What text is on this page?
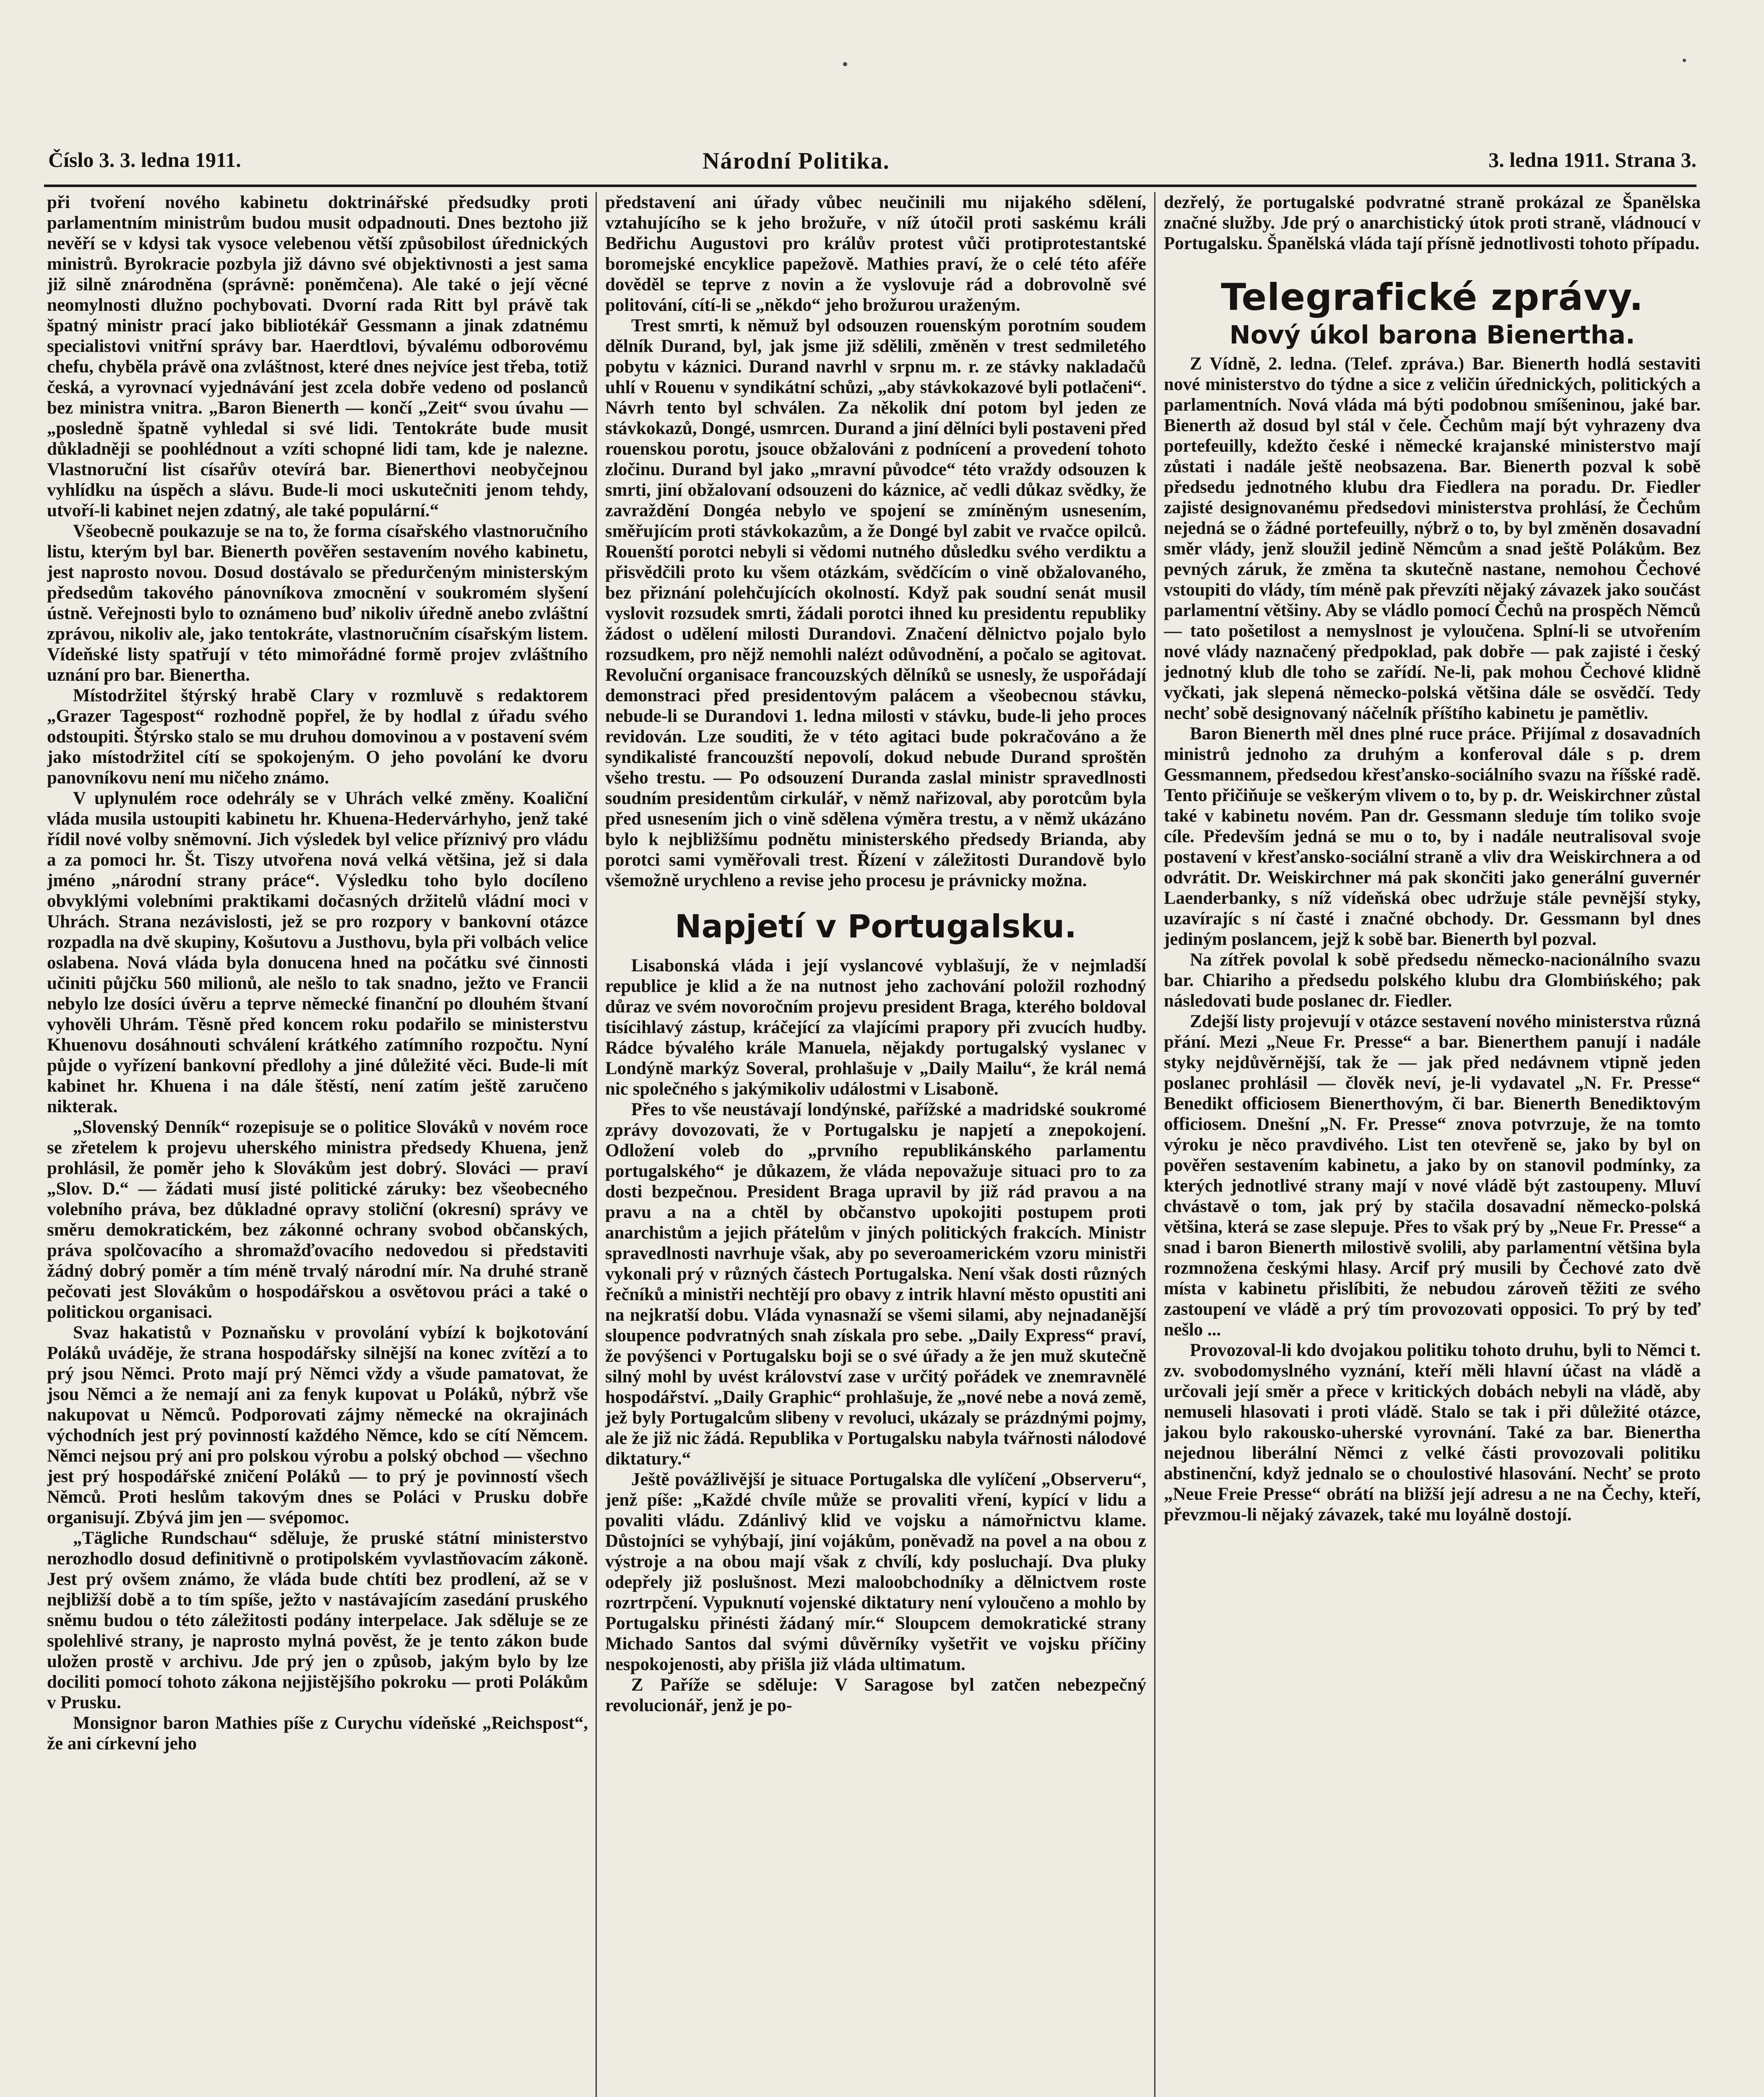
Číslo 3. 3. ledna 1911.	Národní Politika.	3. ledna 1911. Strana 3.

při tvoření nového kabinetu doktrinářské předsudky proti parlamentním ministrům budou musit odpadnouti. Dnes beztoho již nevěří se v kdysi tak vysoce velebenou větší způsobilost úřednických ministrů. Byrokracie pozbyla již dávno své objektivnosti a jest sama již silně znárodněna (správně: poněmčena). Ale také o její věcné neomylnosti dlužno pochybovati. Dvorní rada Ritt byl právě tak špatný ministr prací jako bibliotékář Gessmann a jinak zdatnému specialistovi vnitřní správy bar. Haerdtlovi, bývalému odborovému chefu, chyběla právě ona zvláštnost, které dnes nejvíce jest třeba, totiž česká, a vyrovnací vyjednávání jest zcela dobře vedeno od poslanců bez ministra vnitra. „Baron Bienerth — končí „Zeit“ svou úvahu — „posledně špatně vyhledal si své lidi. Tentokráte bude musit důkladněji se poohlédnout a vzíti schopné lidi tam, kde je nalezne. Vlastnoruční list císařův otevírá bar. Bienerthovi neobyčejnou vyhlídku na úspěch a slávu. Bude-li moci uskutečniti jenom tehdy, utvoří-li kabinet nejen zdatný, ale také populární.“

Všeobecně poukazuje se na to, že forma císařského vlastnoručního listu, kterým byl bar. Bienerth pověřen sestavením nového kabinetu, jest naprosto novou. Dosud dostávalo se předurčeným ministerským předsedům takového pánovníkova zmocnění v soukromém slyšení ústně. Veřejnosti bylo to oznámeno buď nikoliv úředně anebo zvláštní zprávou, nikoliv ale, jako tentokráte, vlastnoručním císařským listem. Vídeňské listy spatřují v této mimořádné formě projev zvláštního uznání pro bar. Bienertha.

Místodržitel štýrský hrabě Clary v rozmluvě s redaktorem „Grazer Tagespost“ rozhodně popřel, že by hodlal z úřadu svého odstoupiti. Štýrsko stalo se mu druhou domovinou a v postavení svém jako místodržitel cítí se spokojeným. O jeho povolání ke dvoru panovníkovu není mu ničeho známo.

V uplynulém roce odehrály se v Uhrách velké změny. Koaliční vláda musila ustoupiti kabinetu hr. Khuena-Hedervárhyho, jenž také řídil nové volby sněmovní. Jich výsledek byl velice příznivý pro vládu a za pomoci hr. Št. Tiszy utvořena nová velká většina, jež si dala jméno „národní strany práce“. Výsledku toho bylo docíleno obvyklými volebními praktikami dočasných držitelů vládní moci v Uhrách. Strana nezávislosti, jež se pro rozpory v bankovní otázce rozpadla na dvě skupiny, Košutovu a Justhovu, byla při volbách velice oslabena. Nová vláda byla donucena hned na počátku své činnosti učiniti půjčku 560 milionů, ale nešlo to tak snadno, ježto ve Francii nebylo lze dosíci úvěru a teprve německé finanční po dlouhém štvaní vyhověli Uhrám. Těsně před koncem roku podařilo se ministerstvu Khuenovu dosáhnouti schválení krátkého zatímního rozpočtu. Nyní půjde o vyřízení bankovní předlohy a jiné důležité věci. Bude-li mít kabinet hr. Khuena i na dále štěstí, není zatím ještě zaručeno nikterak.

„Slovenský Denník“ rozepisuje se o politice Slováků v novém roce se zřetelem k projevu uherského ministra předsedy Khuena, jenž prohlásil, že poměr jeho k Slovákům jest dobrý. Slováci — praví „Slov. D.“ — žádati musí jisté politické záruky: bez všeobecného volebního práva, bez důkladné opravy stoliční (okresní) správy ve směru demokratickém, bez zákonné ochrany svobod občanských, práva spolčovacího a shromažďovacího nedovedou si představiti žádný dobrý poměr a tím méně trvalý národní mír. Na druhé straně pečovati jest Slovákům o hospodářskou a osvětovou práci a také o politickou organisaci.

Svaz hakatistů v Poznaňsku v provolání vybízí k bojkotování Poláků uváděje, že strana hospodářsky silnější na konec zvítězí a to prý jsou Němci. Proto mají prý Němci vždy a všude pamatovat, že jsou Němci a že nemají ani za fenyk kupovat u Poláků, nýbrž vše nakupovat u Němců. Podporovati zájmy německé na okrajinách východních jest prý povinností každého Němce, kdo se cítí Němcem. Němci nejsou prý ani pro polskou výrobu a polský obchod — všechno jest prý hospodářské zničení Poláků — to prý je povinností všech Němců. Proti heslům takovým dnes se Poláci v Prusku dobře organisují. Zbývá jim jen — svépomoc.

„Tägliche Rundschau“ sděluje, že pruské státní ministerstvo nerozhodlo dosud definitivně o protipolském vyvlastňovacím zákoně. Jest prý ovšem známo, že vláda bude chtíti bez prodlení, až se v nejbližší době a to tím spíše, ježto v nastávajícím zasedání pruského sněmu budou o této záležitosti podány interpelace. Jak sděluje se ze spolehlivé strany, je naprosto mylná pověst, že je tento zákon bude uložen prostě v archivu. Jde prý jen o způsob, jakým bylo by lze dociliti pomocí tohoto zákona nejjistějšího pokroku — proti Polákům v Prusku.

Monsignor baron Mathies píše z Curychu vídeňské „Reichspost“, že ani církevní jeho

představení ani úřady vůbec neučinili mu nijakého sdělení, vztahujícího se k jeho brožuře, v níž útočil proti saskému králi Bedřichu Augustovi pro králův protest vůči protiprotestantské boromejské encyklice papežově. Mathies praví, že o celé této aféře dověděl se teprve z novin a že vyslovuje rád a dobrovolně své politování, cítí-li se „někdo“ jeho brožurou uraženým.

Trest smrti, k němuž byl odsouzen rouenským porotním soudem dělník Durand, byl, jak jsme již sdělili, změněn v trest sedmiletého pobytu v káznici. Durand navrhl v srpnu m. r. ze stávky nakladačů uhlí v Rouenu v syndikátní schůzi, „aby stávkokazové byli potlačeni“. Návrh tento byl schválen. Za několik dní potom byl jeden ze stávkokazů, Dongé, usmrcen. Durand a jiní dělníci byli postaveni před rouenskou porotu, jsouce obžalováni z podnícení a provedení tohoto zločinu. Durand byl jako „mravní původce“ této vraždy odsouzen k smrti, jiní obžalovaní odsouzeni do káznice, ač vedli důkaz svědky, že zavraždění Dongéa nebylo ve spojení se zmíněným usnesením, směřujícím proti stávkokazům, a že Dongé byl zabit ve rvačce opilců. Rouenští porotci nebyli si vědomi nutného důsledku svého verdiktu a přisvědčili proto ku všem otázkám, svědčícím o vině obžalovaného, bez přiznání polehčujících okolností. Když pak soudní senát musil vyslovit rozsudek smrti, žádali porotci ihned ku presidentu republiky žádost o udělení milosti Durandovi. Značení dělnictvo pojalo bylo rozsudkem, pro nějž nemohli nalézt odůvodnění, a počalo se agitovat. Revoluční organisace francouzských dělníků se usnesly, že uspořádají demonstraci před presidentovým palácem a všeobecnou stávku, nebude-li se Durandovi 1. ledna milosti v stávku, bude-li jeho proces revidován. Lze souditi, že v této agitaci bude pokračováno a že syndikalisté francouzští nepovolí, dokud nebude Durand sproštěn všeho trestu. — Po odsouzení Duranda zaslal ministr spravedlnosti soudním presidentům cirkulář, v němž nařizoval, aby porotcům byla před usnesením jich o vině sdělena výměra trestu, a v němž ukázáno bylo k nejbližšímu podnětu ministerského předsedy Brianda, aby porotci sami vyměřovali trest. Řízení v záležitosti Durandově bylo všemožně urychleno a revise jeho procesu je právnicky možna.

Napjetí v Portugalsku.

Lisabonská vláda i její vyslancové vyblašují, že v nejmladší republice je klid a že na nutnost jeho zachování položil rozhodný důraz ve svém novoročním projevu president Braga, kterého boldoval tisícihlavý zástup, kráčející za vlajícími prapory při zvucích hudby. Rádce bývalého krále Manuela, nějakdy portugalský vyslanec v Londýně markýz Soveral, prohlašuje v „Daily Mailu“, že král nemá nic společného s jakýmikoliv událostmi v Lisaboně.

Přes to vše neustávají londýnské, pařížské a madridské soukromé zprávy dovozovati, že v Portugalsku je napjetí a znepokojení. Odložení voleb do „prvního republikánského parlamentu portugalského“ je důkazem, že vláda nepovažuje situaci pro to za dosti bezpečnou. President Braga upravil by již rád pravou a na pravu a na a chtěl by občanstvo upokojiti postupem proti anarchistům a jejich přátelům v jiných politických frakcích. Ministr spravedlnosti navrhuje však, aby po severoamerickém vzoru ministři vykonali prý v různých částech Portugalska. Není však dosti různých řečníků a ministři nechtějí pro obavy z intrik hlavní město opustiti ani na nejkratší dobu. Vláda vynasnaží se všemi silami, aby nejnadanější sloupence podvratných snah získala pro sebe. „Daily Express“ praví, že povýšenci v Portugalsku boji se o své úřady a že jen muž skutečně silný mohl by uvést království zase v určitý pořádek ve znemravnělé hospodářství. „Daily Graphic“ prohlašuje, že „nové nebe a nová země, jež byly Portugalcům slibeny v revoluci, ukázaly se prázdnými pojmy, ale že již nic žádá. Republika v Portugalsku nabyla tvářnosti nálodové diktatury.“

Ještě povážlivější je situace Portugalska dle vylíčení „Observeru“, jenž píše: „Každé chvíle může se provaliti vření, kypící v lidu a povaliti vládu. Zdánlivý klid ve vojsku a námořnictvu klame. Důstojníci se vyhýbají, jiní vojákům, poněvadž na povel a na obou z výstroje a na obou mají však z chvílí, kdy posluchají. Dva pluky odepřely již poslušnost. Mezi maloobchodníky a dělnictvem roste rozrtrpčení. Vypuknutí vojenské diktatury není vyloučeno a mohlo by Portugalsku přinésti žádaný mír.“ Sloupcem demokratické strany Michado Santos dal svými důvěrníky vyšetřit ve vojsku příčiny nespokojenosti, aby přišla již vláda ultimatum.

Z Paříže se sděluje: V Saragose byl zatčen nebezpečný revolucionář, jenž je po-

dezřelý, že portugalské podvratné straně prokázal ze Španělska značné služby. Jde prý o anarchistický útok proti straně, vládnoucí v Portugalsku. Španělská vláda tají přísně jednotlivosti tohoto případu.

Telegrafické zprávy.
Nový úkol barona Bienertha.

Z Vídně, 2. ledna. (Telef. zpráva.) Bar. Bienerth hodlá sestaviti nové ministerstvo do týdne a sice z veličin úřednických, politických a parlamentních. Nová vláda má býti podobnou smíšeninou, jaké bar. Bienerth až dosud byl stál v čele. Čechům mají být vyhrazeny dva portefeuilly, kdežto české i německé krajanské ministerstvo mají zůstati i nadále ještě neobsazena. Bar. Bienerth pozval k sobě předsedu jednotného klubu dra Fiedlera na poradu. Dr. Fiedler zajisté designovanému předsedovi ministerstva prohlásí, že Čechům nejedná se o žádné portefeuilly, nýbrž o to, by byl změněn dosavadní směr vlády, jenž sloužil jedině Němcům a snad ještě Polákům. Bez pevných záruk, že změna ta skutečně nastane, nemohou Čechové vstoupiti do vlády, tím méně pak převzíti nějaký závazek jako součást parlamentní většiny. Aby se vládlo pomocí Čechů na prospěch Němců — tato pošetilost a nemyslnost je vyloučena. Splní-li se utvořením nové vlády naznačený předpoklad, pak dobře — pak zajisté i český jednotný klub dle toho se zařídí. Ne-li, pak mohou Čechové klidně vyčkati, jak slepená německo-polská většina dále se osvědčí. Tedy nechť sobě designovaný náčelník příštího kabinetu je pamětliv.

Baron Bienerth měl dnes plné ruce práce. Přijímal z dosavadních ministrů jednoho za druhým a konferoval dále s p. drem Gessmannem, předsedou křesťansko-sociálního svazu na říšské radě. Tento přičiňuje se veškerým vlivem o to, by p. dr. Weiskirchner zůstal také v kabinetu novém. Pan dr. Gessmann sleduje tím toliko svoje cíle. Především jedná se mu o to, by i nadále neutralisoval svoje postavení v křesťansko-sociální straně a vliv dra Weiskirchnera a od odvrátit. Dr. Weiskirchner má pak skončiti jako generální guvernér Laenderbanky, s níž vídeňská obec udržuje stále pevnější styky, uzavírajíc s ní časté i značné obchody. Dr. Gessmann byl dnes jediným poslancem, jejž k sobě bar. Bienerth byl pozval.

Na zítřek povolal k sobě předsedu německo-nacionálního svazu bar. Chiariho a předsedu polského klubu dra Glombińského; pak následovati bude poslanec dr. Fiedler.

Zdejší listy projevují v otázce sestavení nového ministerstva různá přání. Mezi „Neue Fr. Presse“ a bar. Bienerthem panují i nadále styky nejdůvěrnější, tak že — jak před nedávnem vtipně jeden poslanec prohlásil — člověk neví, je-li vydavatel „N. Fr. Presse“ Benedikt officiosem Bienerthovým, či bar. Bienerth Benediktovým officiosem. Dnešní „N. Fr. Presse“ znova potvrzuje, že na tomto výroku je něco pravdivého. List ten otevřeně se, jako by byl on pověřen sestavením kabinetu, a jako by on stanovil podmínky, za kterých jednotlivé strany mají v nové vládě být zastoupeny. Mluví chvástavě o tom, jak prý by stačila dosavadní německo-polská většina, která se zase slepuje. Přes to však prý by „Neue Fr. Presse“ a snad i baron Bienerth milostivě svolili, aby parlamentní většina byla rozmnožena českými hlasy. Arcif prý musili by Čechové zato dvě místa v kabinetu přislíbiti, že nebudou zároveň těžiti ze svého zastoupení ve vládě a prý tím provozovati opposici. To prý by teď nešlo ...

Provozoval-li kdo dvojakou politiku tohoto druhu, byli to Němci t. zv. svobodomyslného vyznání, kteří měli hlavní účast na vládě a určovali její směr a přece v kritických dobách nebyli na vládě, aby nemuseli hlasovati i proti vládě. Stalo se tak i při důležité otázce, jakou bylo rakousko-uherské vyrovnání. Také za bar. Bienertha nejednou liberální Němci z velké části provozovali politiku abstinenční, když jednalo se o choulostivé hlasování. Nechť se proto „Neue Freie Presse“ obrátí na bližší její adresu a ne na Čechy, kteří, převzmou-li nějaký závazek, také mu loyálně dostojí.
